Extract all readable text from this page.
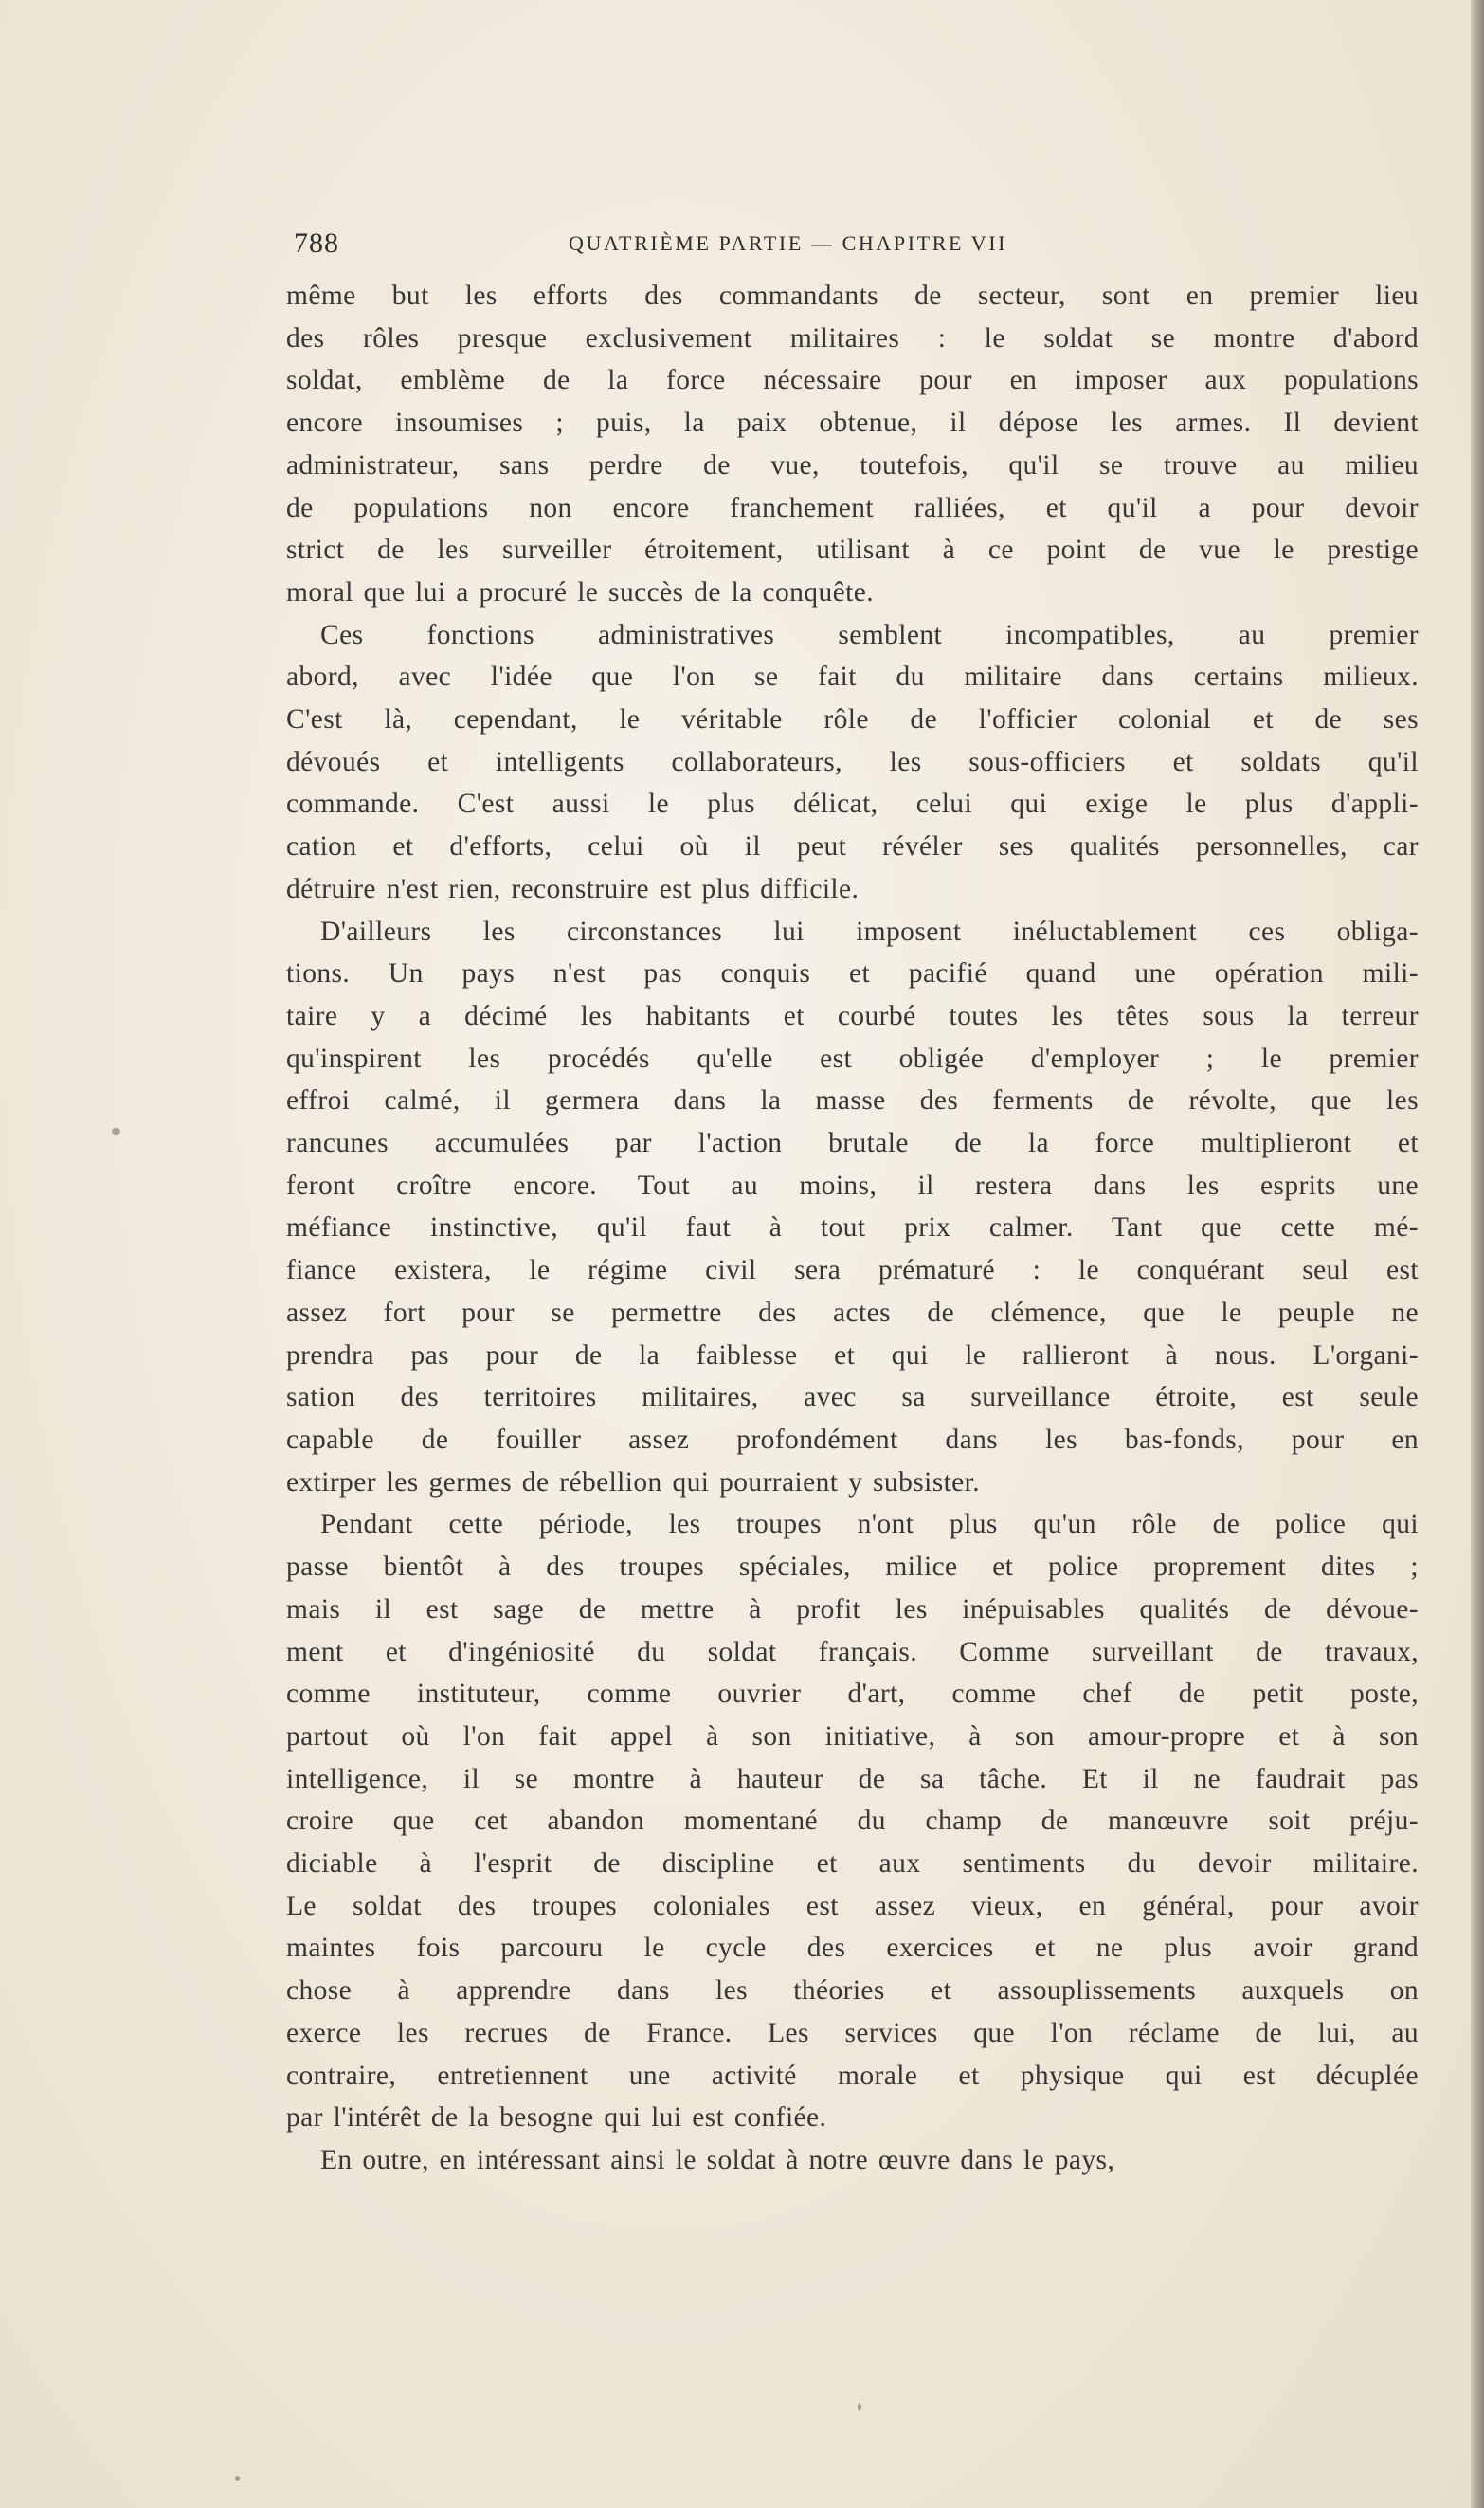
788	QUATRIÈME PARTIE — CHAPITRE VII
même but les efforts des commandants de secteur, sont en premier lieu
des rôles presque exclusivement militaires : le soldat se montre d'abord
soldat, emblème de la force nécessaire pour en imposer aux populations
encore insoumises ; puis, la paix obtenue, il dépose les armes. Il devient
administrateur, sans perdre de vue, toutefois, qu'il se trouve au milieu
de populations non encore franchement ralliées, et qu'il a pour devoir
strict de les surveiller étroitement, utilisant à ce point de vue le prestige
moral que lui a procuré le succès de la conquête.
Ces fonctions administratives semblent incompatibles, au premier
abord, avec l'idée que l'on se fait du militaire dans certains milieux.
C'est là, cependant, le véritable rôle de l'officier colonial et de ses
dévoués et intelligents collaborateurs, les sous-officiers et soldats qu'il
commande. C'est aussi le plus délicat, celui qui exige le plus d'appli-
cation et d'efforts, celui où il peut révéler ses qualités personnelles, car
détruire n'est rien, reconstruire est plus difficile.
D'ailleurs les circonstances lui imposent inéluctablement ces obliga-
tions. Un pays n'est pas conquis et pacifié quand une opération mili-
taire y a décimé les habitants et courbé toutes les têtes sous la terreur
qu'inspirent les procédés qu'elle est obligée d'employer ; le premier
effroi calmé, il germera dans la masse des ferments de révolte, que les
rancunes accumulées par l'action brutale de la force multiplieront et
feront croître encore. Tout au moins, il restera dans les esprits une
méfiance instinctive, qu'il faut à tout prix calmer. Tant que cette mé-
fiance existera, le régime civil sera prématuré : le conquérant seul est
assez fort pour se permettre des actes de clémence, que le peuple ne
prendra pas pour de la faiblesse et qui le rallieront à nous. L'organi-
sation des territoires militaires, avec sa surveillance étroite, est seule
capable de fouiller assez profondément dans les bas-fonds, pour en
extirper les germes de rébellion qui pourraient y subsister.
Pendant cette période, les troupes n'ont plus qu'un rôle de police qui
passe bientôt à des troupes spéciales, milice et police proprement dites ;
mais il est sage de mettre à profit les inépuisables qualités de dévoue-
ment et d'ingéniosité du soldat français. Comme surveillant de travaux,
comme instituteur, comme ouvrier d'art, comme chef de petit poste,
partout où l'on fait appel à son initiative, à son amour-propre et à son
intelligence, il se montre à hauteur de sa tâche. Et il ne faudrait pas
croire que cet abandon momentané du champ de manœuvre soit préju-
diciable à l'esprit de discipline et aux sentiments du devoir militaire.
Le soldat des troupes coloniales est assez vieux, en général, pour avoir
maintes fois parcouru le cycle des exercices et ne plus avoir grand
chose à apprendre dans les théories et assouplissements auxquels on
exerce les recrues de France. Les services que l'on réclame de lui, au
contraire, entretiennent une activité morale et physique qui est décuplée
par l'intérêt de la besogne qui lui est confiée.
En outre, en intéressant ainsi le soldat à notre œuvre dans le pays,
